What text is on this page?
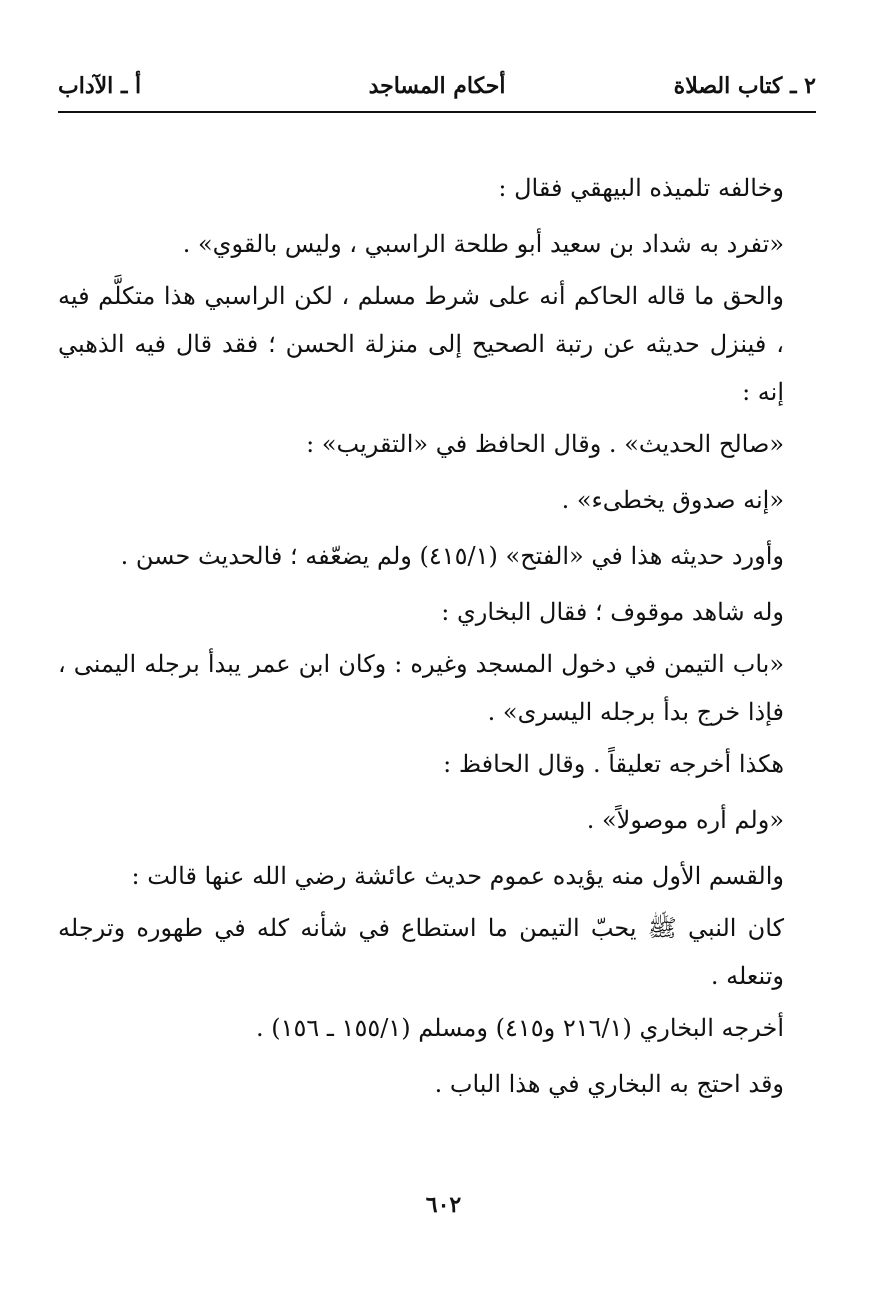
٢ ـ كتاب الصلاة
أحكام المساجد
أ ـ الآداب

وخالفه تلميذه البيهقي فقال :

«تفرد به شداد بن سعيد أبو طلحة الراسبي ، وليس بالقوي» .

والحق ما قاله الحاكم أنه على شرط مسلم ، لكن الراسبي هذا متكلَّم فيه ، فينزل حديثه عن رتبة الصحيح إلى منزلة الحسن ؛ فقد قال فيه الذهبي إنه :

«صالح الحديث» . وقال الحافظ في «التقريب» :

«إنه صدوق يخطىء» .

وأورد حديثه هذا في «الفتح» (٤١٥/١) ولم يضعّفه ؛ فالحديث حسن .

وله شاهد موقوف ؛ فقال البخاري :

«باب التيمن في دخول المسجد وغيره : وكان ابن عمر يبدأ برجله اليمنى ، فإذا خرج بدأ برجله اليسرى» .

هكذا أخرجه تعليقاً . وقال الحافظ :

«ولم أره موصولاً» .

والقسم الأول منه يؤيده عموم حديث عائشة رضي الله عنها قالت :

كان النبي ﷺ يحبّ التيمن ما استطاع في شأنه كله في طهوره وترجله وتنعله .

أخرجه البخاري (٢١٦/١ و٤١٥) ومسلم (١٥٥/١ ـ ١٥٦) .

وقد احتج به البخاري في هذا الباب .

٦٠٢
